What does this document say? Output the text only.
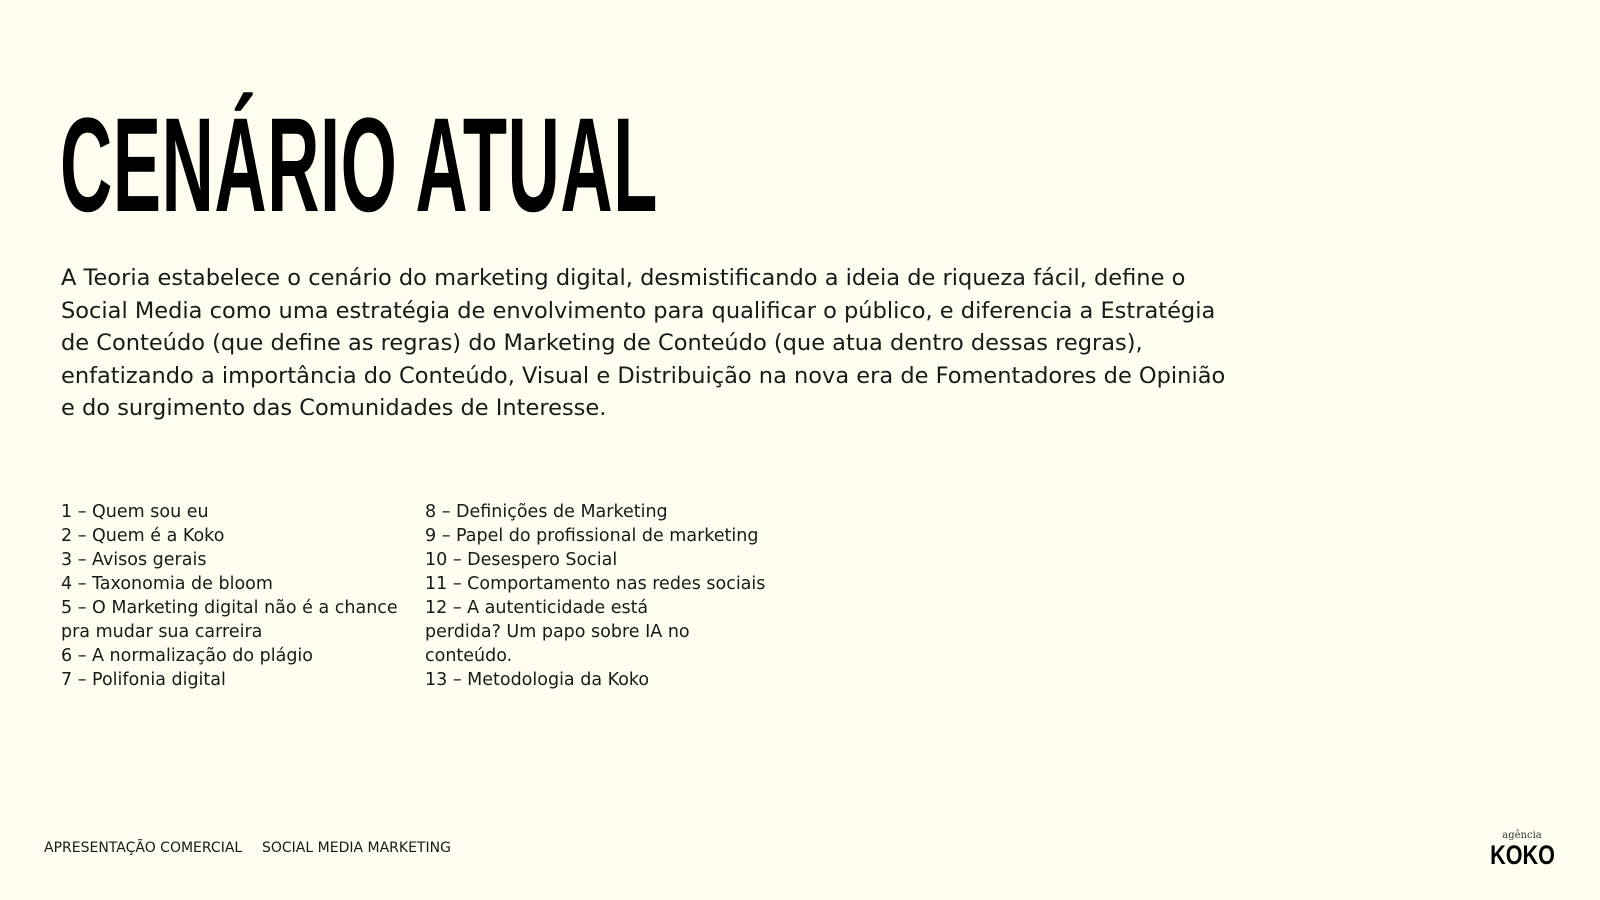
CENÁRIO ATUAL

A Teoria estabelece o cenário do marketing digital, desmistificando a ideia de riqueza fácil, define o Social Media como uma estratégia de envolvimento para qualificar o público, e diferencia a Estratégia de Conteúdo (que define as regras) do Marketing de Conteúdo (que atua dentro dessas regras), enfatizando a importância do Conteúdo, Visual e Distribuição na nova era de Fomentadores de Opinião e do surgimento das Comunidades de Interesse.

1 – Quem sou eu
2 – Quem é a Koko
3 – Avisos gerais
4 – Taxonomia de bloom
5 – O Marketing digital não é a chance pra mudar sua carreira
6 – A normalização do plágio
7 – Polifonia digital
8 – Definições de Marketing
9 – Papel do profissional de marketing
10 – Desespero Social
11 – Comportamento nas redes sociais
12 – A autenticidade está perdida? Um papo sobre IA no conteúdo.
13 – Metodologia da Koko
APRESENTAÇÃO COMERCIAL SOCIAL MEDIA MARKETING
agência
KOKO
